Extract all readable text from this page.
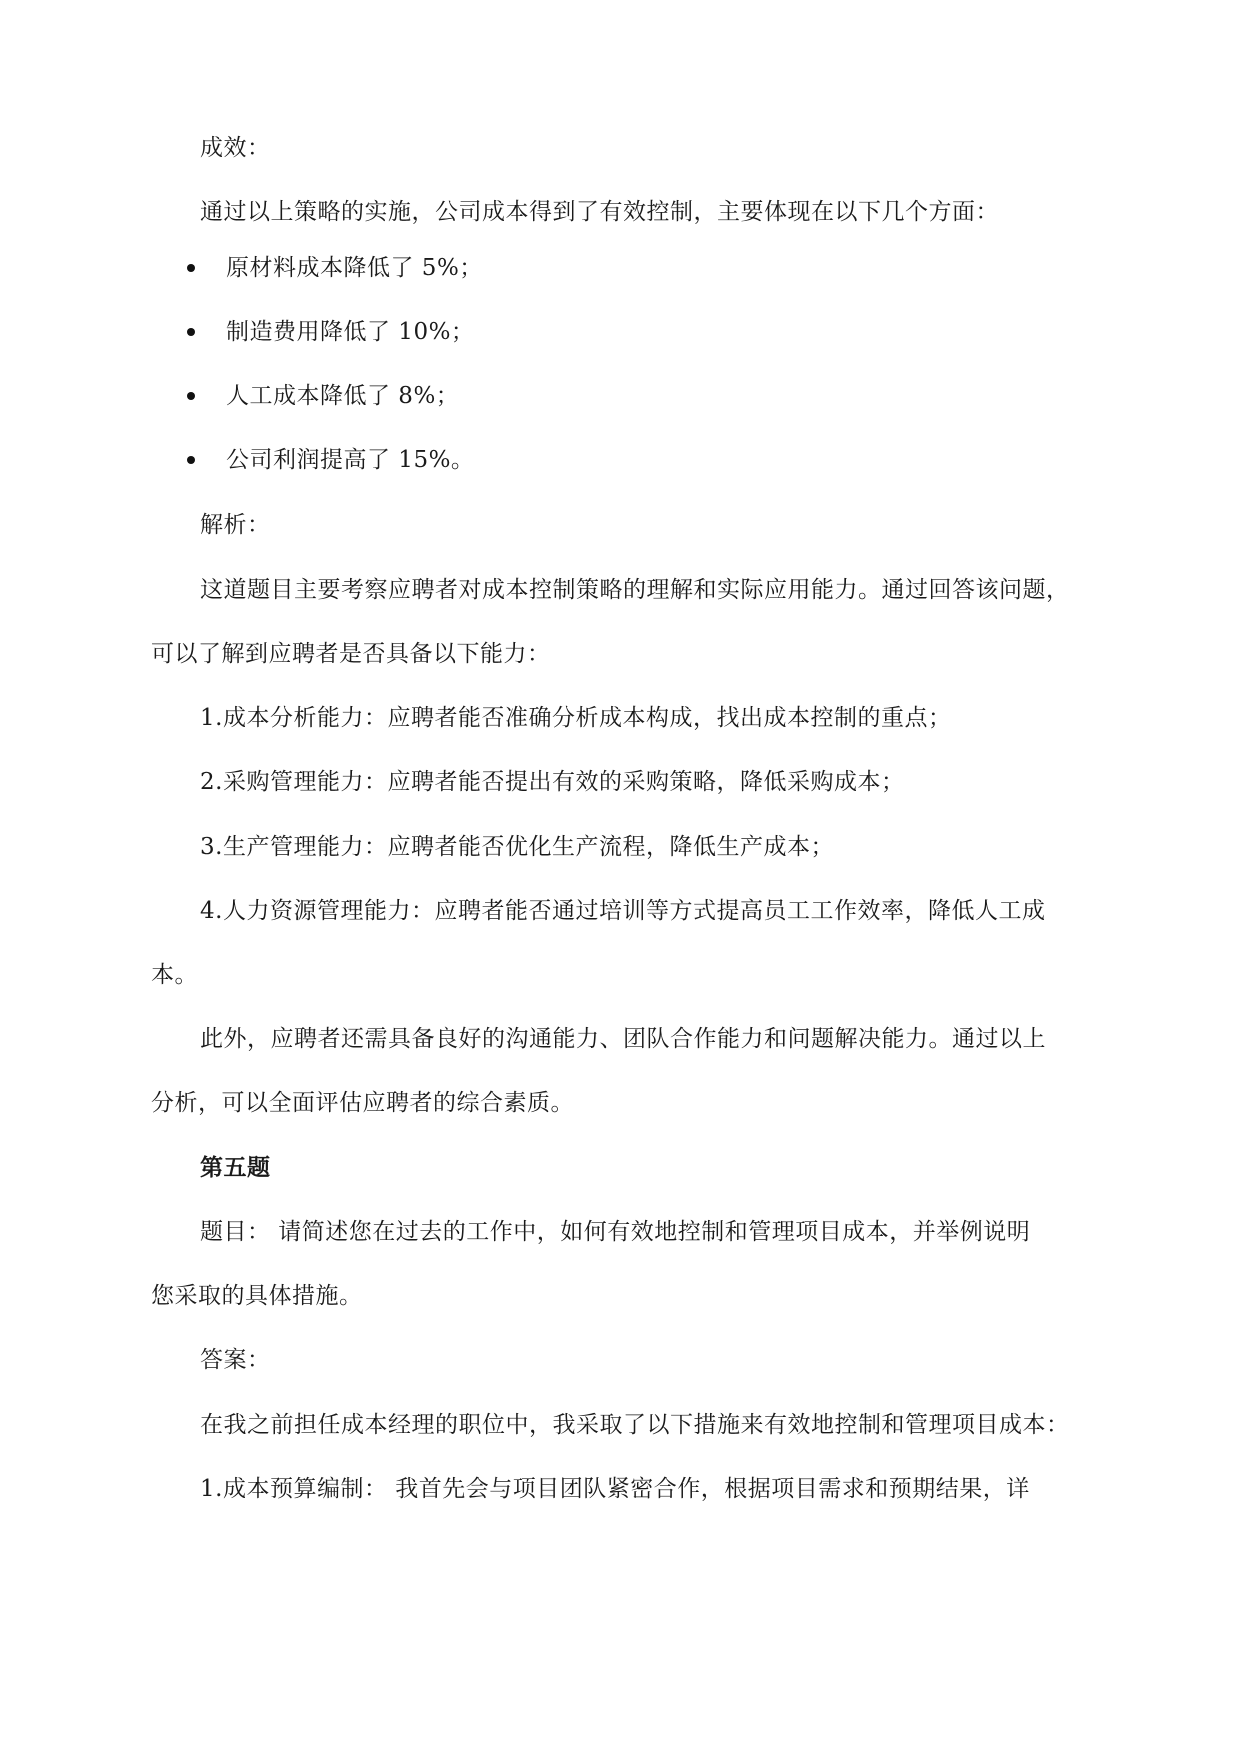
成效：
通过以上策略的实施，公司成本得到了有效控制，主要体现在以下几个方面：
原材料成本降低了 5%；
制造费用降低了 10%；
人工成本降低了 8%；
公司利润提高了 15%。
解析：
这道题目主要考察应聘者对成本控制策略的理解和实际应用能力。通过回答该问题，
可以了解到应聘者是否具备以下能力：
1.成本分析能力：应聘者能否准确分析成本构成，找出成本控制的重点；
2.采购管理能力：应聘者能否提出有效的采购策略，降低采购成本；
3.生产管理能力：应聘者能否优化生产流程，降低生产成本；
4.人力资源管理能力：应聘者能否通过培训等方式提高员工工作效率，降低人工成
本。
此外，应聘者还需具备良好的沟通能力、团队合作能力和问题解决能力。通过以上
分析，可以全面评估应聘者的综合素质。
第五题
题目： 请简述您在过去的工作中，如何有效地控制和管理项目成本，并举例说明
您采取的具体措施。
答案：
在我之前担任成本经理的职位中，我采取了以下措施来有效地控制和管理项目成本：
1.成本预算编制： 我首先会与项目团队紧密合作，根据项目需求和预期结果，详
